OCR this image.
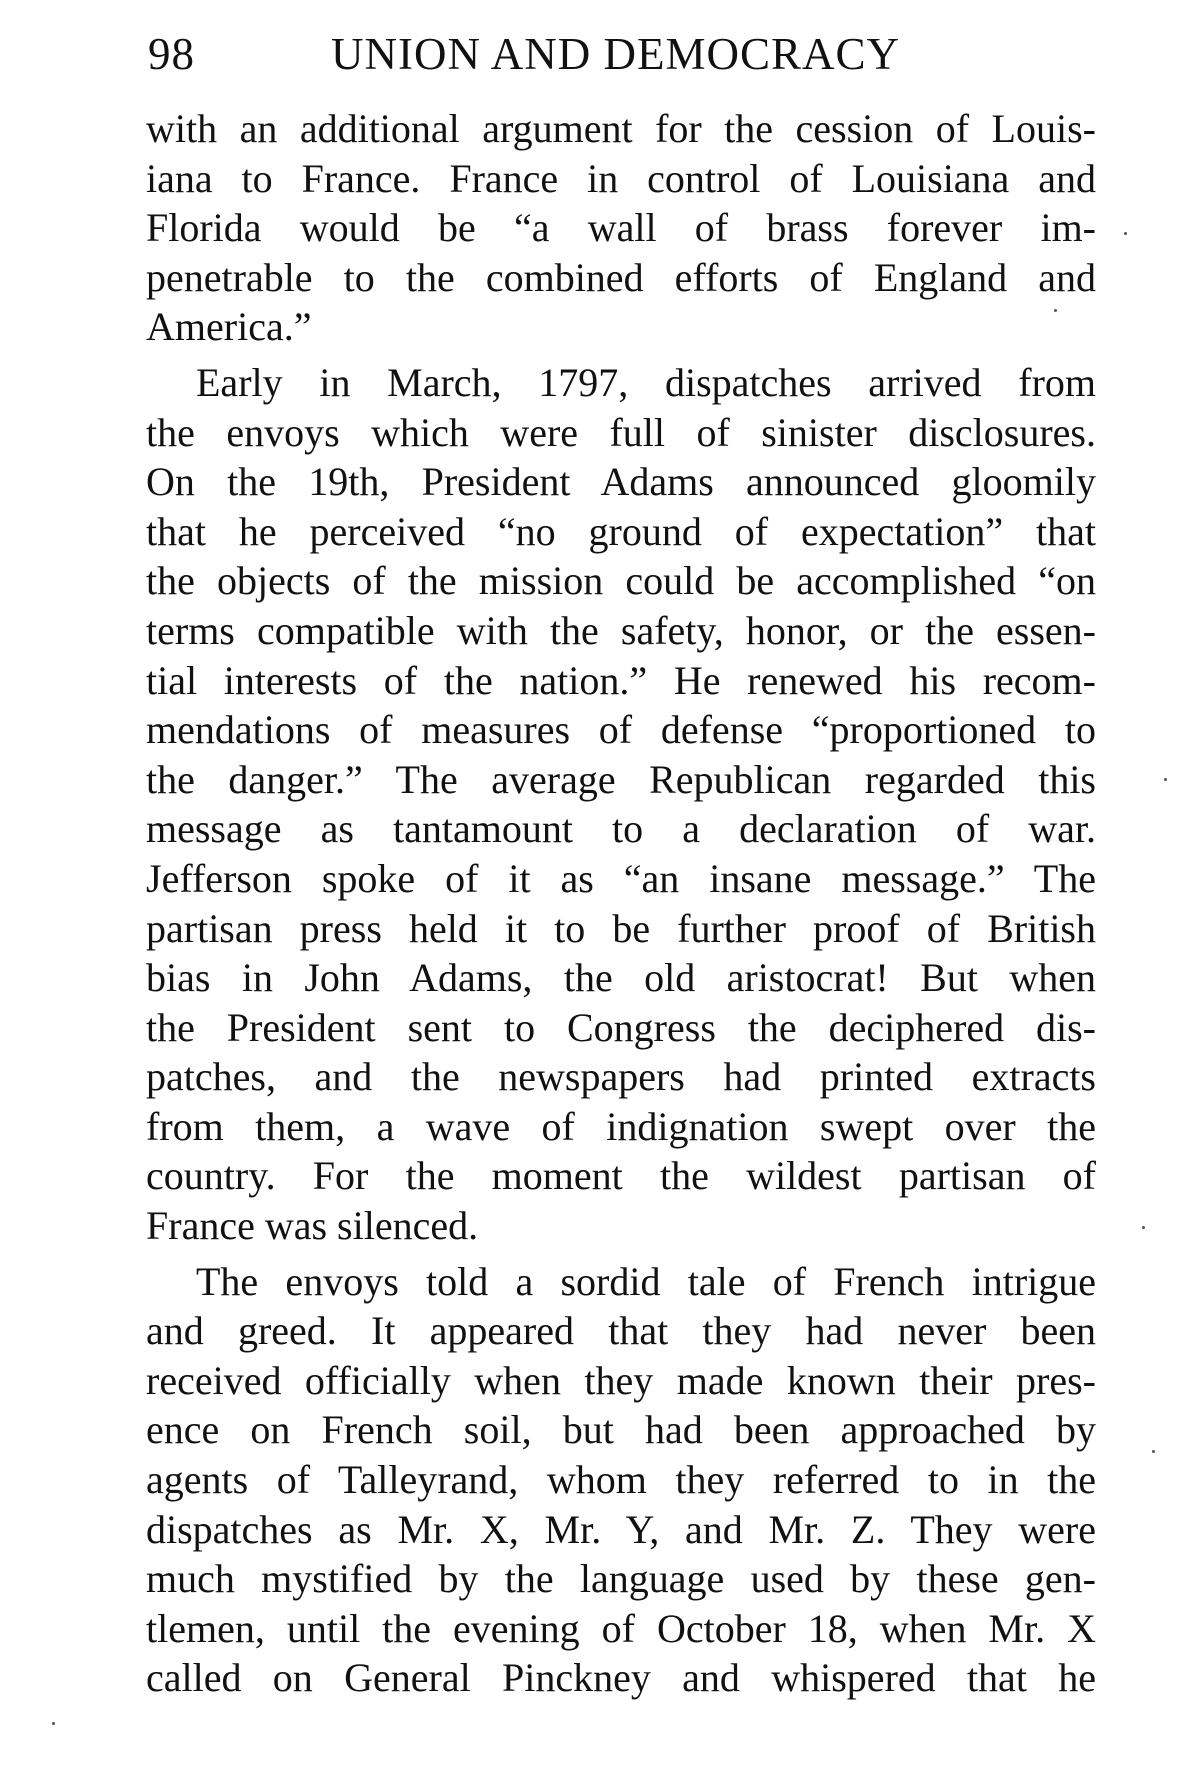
98	UNION AND DEMOCRACY
with an additional argument for the cession of Louis-
iana to France. France in control of Louisiana and
Florida would be “a wall of brass forever im-
penetrable to the combined efforts of England and
America.”
Early in March, 1797, dispatches arrived from
the envoys which were full of sinister disclosures.
On the 19th, President Adams announced gloomily
that he perceived “no ground of expectation” that
the objects of the mission could be accomplished “on
terms compatible with the safety, honor, or the essen-
tial interests of the nation.” He renewed his recom-
mendations of measures of defense “proportioned to
the danger.” The average Republican regarded this
message as tantamount to a declaration of war.
Jefferson spoke of it as “an insane message.” The
partisan press held it to be further proof of British
bias in John Adams, the old aristocrat! But when
the President sent to Congress the deciphered dis-
patches, and the newspapers had printed extracts
from them, a wave of indignation swept over the
country. For the moment the wildest partisan of
France was silenced.
The envoys told a sordid tale of French intrigue
and greed. It appeared that they had never been
received officially when they made known their pres-
ence on French soil, but had been approached by
agents of Talleyrand, whom they referred to in the
dispatches as Mr. X, Mr. Y, and Mr. Z. They were
much mystified by the language used by these gen-
tlemen, until the evening of October 18, when Mr. X
called on General Pinckney and whispered that he
